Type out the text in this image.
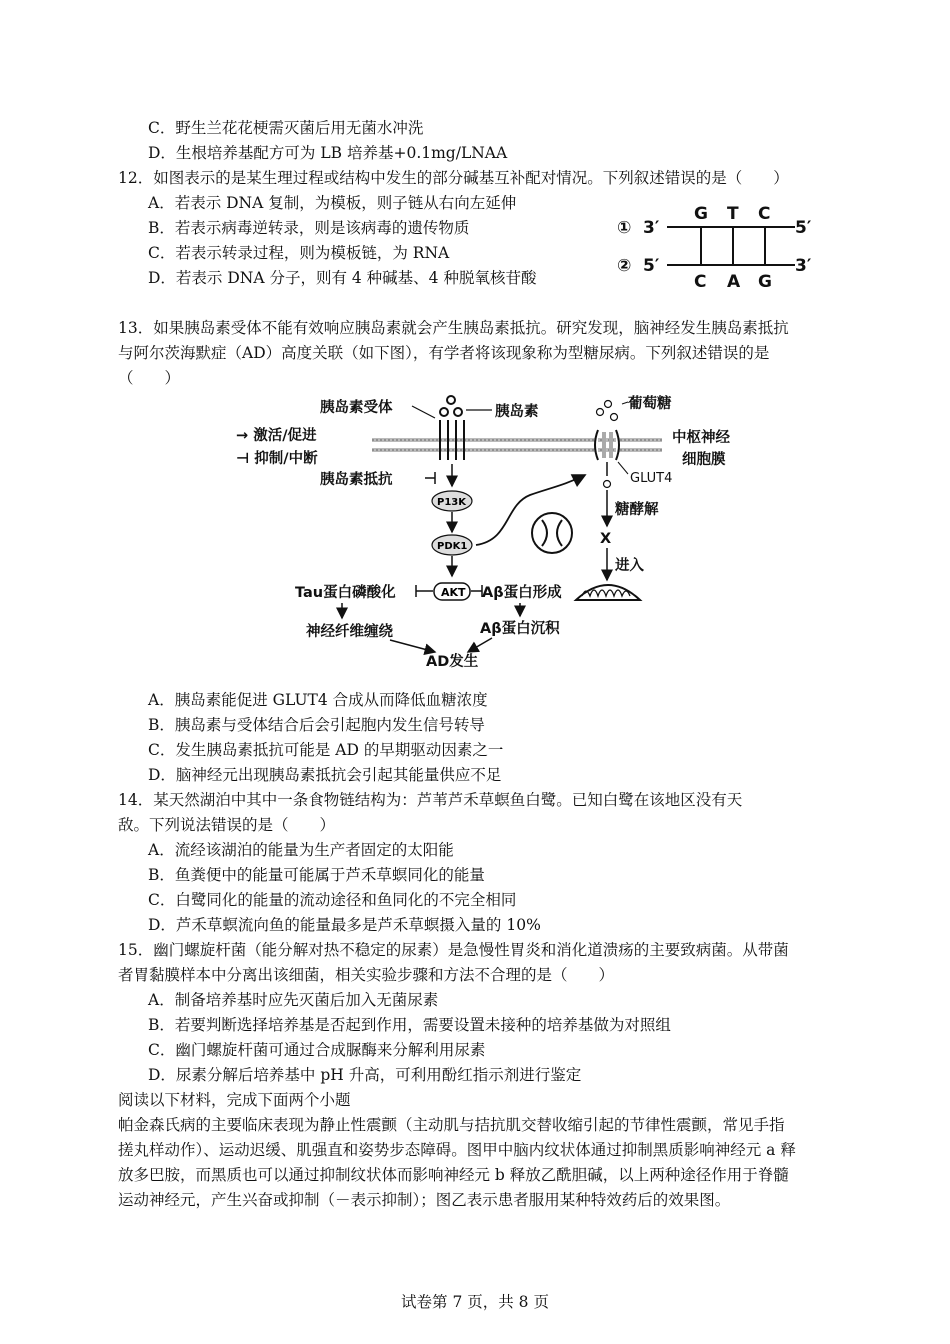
C．野生兰花花梗需灭菌后用无菌水冲洗
D．生根培养基配方可为 LB 培养基+0.1mg/LNAA
12．如图表示的是某生理过程或结构中发生的部分碱基互补配对情况。下列叙述错误的是（　　）
A．若表示 DNA 复制，为模板，则子链从右向左延伸
B．若表示病毒逆转录，则是该病毒的遗传物质
C．若表示转录过程，则为模板链，为 RNA
D．若表示 DNA 分子，则有 4 种碱基、4 种脱氧核苷酸
①
②
3′	5′
5′	3′
G T C
C A G
13．如果胰岛素受体不能有效响应胰岛素就会产生胰岛素抵抗。研究发现，脑神经发生胰岛素抵抗
与阿尔茨海默症（AD）高度关联（如下图），有学者将该现象称为型糖尿病。下列叙述错误的是
（　　）
胰岛素受体	胰岛素	葡萄糖
→ 激活/促进
⊣ 抑制/中断
中枢神经
细胞膜
胰岛素抵抗	GLUT4
糖酵解
X
进入
Tau蛋白磷酸化	Aβ蛋白形成
神经纤维缠绕	Aβ蛋白沉积
AD发生
P13K
PDK1
AKT
A．胰岛素能促进 GLUT4 合成从而降低血糖浓度
B．胰岛素与受体结合后会引起胞内发生信号转导
C．发生胰岛素抵抗可能是 AD 的早期驱动因素之一
D．脑神经元出现胰岛素抵抗会引起其能量供应不足
14．某天然湖泊中其中一条食物链结构为：芦苇芦禾草螟鱼白鹭。已知白鹭在该地区没有天
敌。下列说法错误的是（　　）
A．流经该湖泊的能量为生产者固定的太阳能
B．鱼粪便中的能量可能属于芦禾草螟同化的能量
C．白鹭同化的能量的流动途径和鱼同化的不完全相同
D．芦禾草螟流向鱼的能量最多是芦禾草螟摄入量的 10%
15．幽门螺旋杆菌（能分解对热不稳定的尿素）是急慢性胃炎和消化道溃疡的主要致病菌。从带菌
者胃黏膜样本中分离出该细菌，相关实验步骤和方法不合理的是（　　）
A．制备培养基时应先灭菌后加入无菌尿素
B．若要判断选择培养基是否起到作用，需要设置未接种的培养基做为对照组
C．幽门螺旋杆菌可通过合成脲酶来分解利用尿素
D．尿素分解后培养基中 pH 升高，可利用酚红指示剂进行鉴定
阅读以下材料，完成下面两个小题
帕金森氏病的主要临床表现为静止性震颤（主动肌与拮抗肌交替收缩引起的节律性震颤，常见手指
搓丸样动作）、运动迟缓、肌强直和姿势步态障碍。图甲中脑内纹状体通过抑制黑质影响神经元 a 释
放多巴胺，而黑质也可以通过抑制纹状体而影响神经元 b 释放乙酰胆碱，以上两种途径作用于脊髓
运动神经元，产生兴奋或抑制（－表示抑制）；图乙表示患者服用某种特效药后的效果图。
试卷第 7 页，共 8 页
